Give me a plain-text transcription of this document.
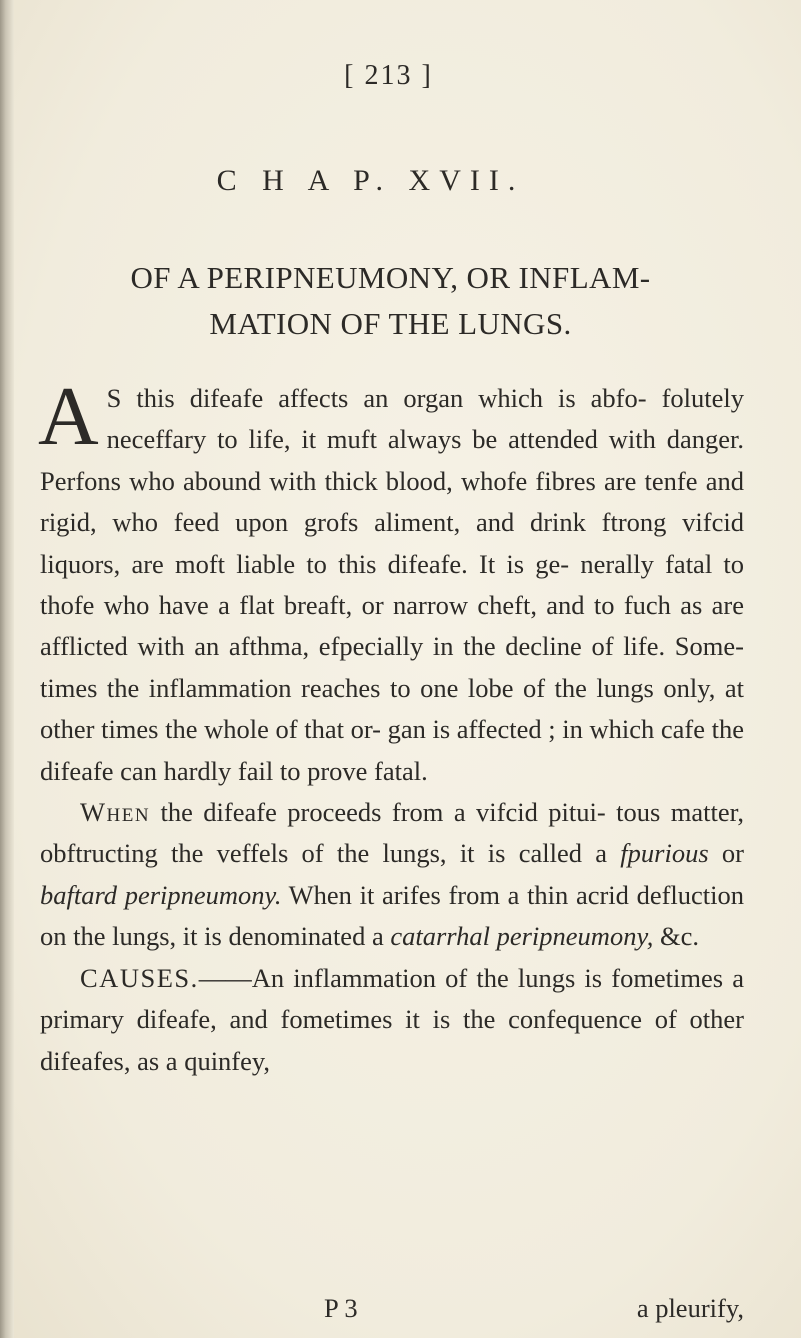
[ 213 ]
C H A P. XVII.
OF A PERIPNEUMONY, OR INFLAM-
MATION OF THE LUNGS.

A S this difeafe affects an organ which is abfo- folutely neceffary to life, it muft always be attended with danger. Perfons who abound with thick blood, whofe fibres are tenfe and rigid, who feed upon grofs aliment, and drink ftrong vifcid liquors, are moft liable to this difeafe. It is ge- nerally fatal to thofe who have a flat breaft, or narrow cheft, and to fuch as are afflicted with an afthma, efpecially in the decline of life. Some- times the inflammation reaches to one lobe of the lungs only, at other times the whole of that or- gan is affected ; in which cafe the difeafe can hardly fail to prove fatal.

When the difeafe proceeds from a vifcid pitui- tous matter, obftructing the veffels of the lungs, it is called a fpurious or baftard peripneumony. When it arifes from a thin acrid defluction on the lungs, it is denominated a catarrhal peripneumony, &c.

CAUSES.——An inflammation of the lungs is fometimes a primary difeafe, and fometimes it is the confequence of other difeafes, as a quinfey,

P 3	a pleurify,
